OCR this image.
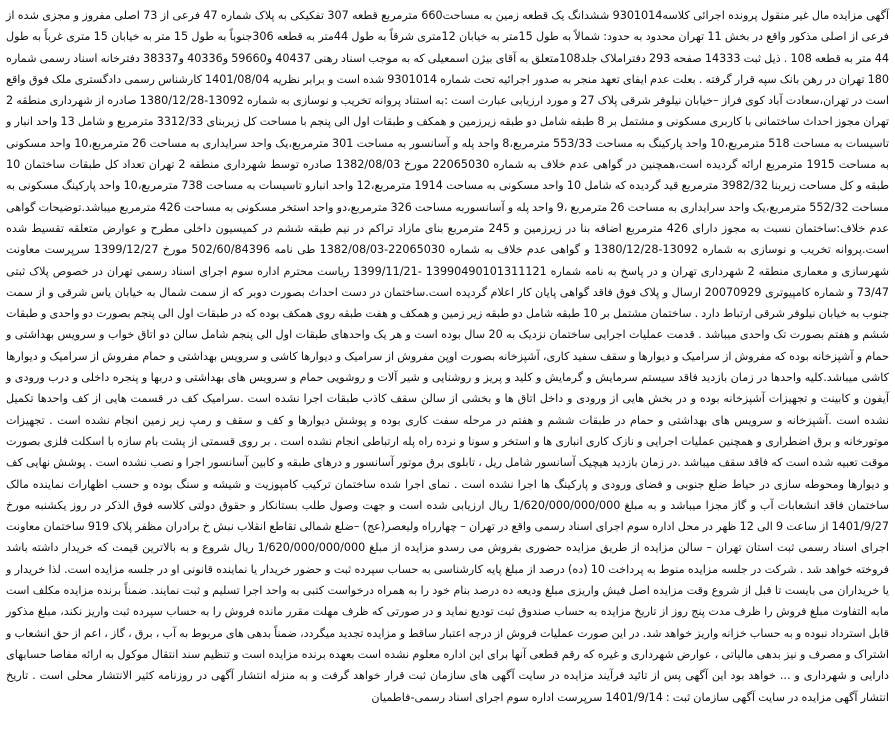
آگهی مزایده مال غیر منقول پرونده اجرائی کلاسه9301014 ششدانگ یک قطعه زمین به مساحت660 مترمربع قطعه 307 تفکیکی به پلاک شماره 47 فرعی از 73 اصلی مفروز و مجزی شده از فرعی از اصلی مذکور واقع در بخش 11 تهران محدود به حدود: شمالاً به طول 15متر به خیابان 12متری شرقاً به طول 44متر به قطعه 306جنوباً به طول 15 متر به خیابان 15 متری غرباً به طول 44 متر به قطعه 108 . ذیل ثبت 14333 صفحه 293 دفتراملاک جلد108متعلق به آقای بیژن اسمعیلی که به موجب اسناد رهنی 40437 و59660 و40336 و38337 دفترخانه اسناد رسمی شماره 180 تهران در رهن بانک سپه قرار گرفته . بعلت عدم ایفای تعهد منجر به صدور اجرائیه تحت شماره 9301014 شده است و برابر نظریه 1401/08/04 کارشناس رسمی دادگستری ملک فوق واقع است در تهران،سعادت آباد کوی فراز –خیابان نیلوفر شرقی پلاک 27 و مورد ارزیابی عبارت است :به استناد پروانه تخریب و نوسازی به شماره 13092-1380/12/28 صادره از شهرداری منطقه 2 تهران مجوز احداث ساختمانی با کاربری مسکونی و مشتمل بر 8 طبقه شامل دو طبقه زیرزمین و همکف و طبقات اول الی پنجم با مساحت کل زیربنای 3312/33 مترمربع و شامل 13 واحد انبار و تاسیسات به مساحت 518 مترمربع،10 واحد پارکینگ به مساحت 553/33 مترمربع،8 واحد پله و آسانسور به مساحت 301 مترمربع،یک واحد سرایداری به مساحت 26 مترمربع،10 واحد مسکونی به مساحت 1915 مترمربع ارائه گردیده است،همچنین در گواهی عدم خلاف به شماره 22065030 مورخ 1382/08/03 صادره توسط شهرداری منطقه 2 تهران تعداد کل طبقات ساختمان 10 طبقه و کل مساحت زیربنا 3982/32 مترمربع قید گردیده که شامل 10 واحد مسکونی به مساحت 1914 مترمربع،12 واحد انبارو تاسیسات به مساحت 738 مترمربع،10 واحد پارکینگ مسکونی به مساحت 552/32 مترمربع،یک واحد سرایداری به مساحت 26 مترمربع ،9 واحد پله و آسانسوربه مساحت 326 مترمربع،دو واحد استخر مسکونی به مساحت 426 مترمربع میباشد.توضیحات گواهی عدم خلاف:ساختمان نسبت به مجوز دارای 426 مترمربع اضافه بنا در زیرزمین و 245 مترمربع بنای مازاد تراکم در نیم طبقه ششم در کمیسیون داخلی مطرح و عوارض متعلقه تقسیط شده است.پروانه تخریب و نوسازی به شماره 13092-1380/12/28 و گواهی عدم خلاف به شماره 22065030-1382/08/03 طی نامه 502/60/84396 مورخ 1399/12/27 سرپرست معاونت شهرسازی و معماری منطقه 2 شهرداری تهران و در پاسخ به نامه شماره 13990490101311121 -1399/11/21 ریاست محترم اداره سوم اجرای اسناد رسمی تهران در خصوص پلاک ثبتی 73/47 و شماره کامپیوتری 20070929 ارسال و پلاک فوق فاقد گواهی پایان کار اعلام گردیده است.ساختمان در دست احداث بصورت دوبر که از سمت شمال به خیابان یاس شرقی و از سمت جنوب به خیابان نیلوفر شرقی ارتباط دارد . ساختمان مشتمل بر 10 طبقه شامل دو طبقه زیر زمین و همکف و هفت طبقه روی همکف بوده که در طبقات اول الی پنجم بصورت دو واحدی و طبقات ششم و هفتم بصورت تک واحدی میباشد . قدمت عملیات اجرایی ساختمان نزدیک به 20 سال بوده است و هر یک واحدهای طبقات اول الی پنجم شامل سالن دو اتاق خواب و سرویس بهداشتی و حمام و آشپزخانه بوده که مفروش از سرامیک و دیوارها و سقف سفید کاری، آشپزخانه بصورت اوپن مفروش از سرامیک و دیوارها کاشی و سرویس بهداشتی و حمام مفروش از سرامیک و دیوارها کاشی میباشد.کلیه واحدها در زمان بازدید فاقد سیستم سرمایش و گرمایش و کلید و پریز و روشنایی و شیر آلات و روشویی حمام و سرویس های بهداشتی و دربها و پنجره داخلی و درب ورودی و آیفون و کابینت و تجهیزات آشپزخانه بوده و در بخش هایی از ورودی و داخل اتاق ها و بخشی از سالن سقف کاذب طبقات اجرا نشده است .سرامیک کف در قسمت هایی از کف واحدها تکمیل نشده است .آشپزخانه و سرویس های بهداشتی و حمام در طبقات ششم و هفتم در مرحله سفت کاری بوده و پوشش دیوارها و کف و سقف و رمپ زیر زمین انجام نشده است . تجهیزات موتورخانه و برق اضطراری و همچنین عملیات اجرایی و نازک کاری انباری ها و استخر و سونا و نرده راه پله ارتباطی انجام نشده است . بر روی قسمتی از پشت بام سازه با اسکلت فلزی بصورت موقت تعبیه شده است که فاقد سقف میباشد .در زمان بازدید هیچیک آسانسور شامل ریل ، تابلوی برق موتور آسانسور و درهای طبقه و کابین آسانسور اجرا و نصب نشده است . پوشش نهایی کف و دیوارها ومحوطه سازی در حیاط ضلع جنوبی و فضای ورودی و پارکینگ ها اجرا نشده است . نمای اجرا شده ساختمان ترکیب کامپوزیت و شیشه و سنگ بوده و حسب اظهارات نماینده مالک ساختمان فاقد انشعابات آب و گاز مجزا میباشد و به مبلغ 1/620/000/000/000 ریال ارزیابی شده است و جهت وصول طلب بستانکار و حقوق دولتی کلاسه فوق الذکر در روز یکشنبه مورخ 1401/9/27 از ساعت 9 الی 12 ظهر در محل اداره سوم اجرای اسناد رسمی واقع در تهران – چهارراه ولیعصر(عج) –ضلع شمالی تقاطع انقلاب نبش خ برادران مظفر پلاک 919 ساختمان معاونت اجرای اسناد رسمی ثبت استان تهران – سالن مزایده از طریق مزایده حضوری بفروش می رسدو مزایده از مبلغ 1/620/000/000/000 ریال شروع و به بالاترین قیمت که خریدار داشته باشد فروخته خواهد شد . شرکت در جلسه مزایده منوط به پرداخت 10 (ده) درصد از مبلغ پایه کارشناسی به حساب سپرده ثبت و حضور خریدار یا نماینده قانونی او در جلسه مزایده است. لذا خریدار و یا خریداران می بایست تا قبل از شروع وقت مزایده اصل فیش واریزی مبلغ ودیعه ده درصد بنام خود را به همراه درخواست کتبی به واحد اجرا تسلیم و ثبت نمایند. ضمناً برنده مزایده مکلف است مابه التفاوت مبلغ فروش را ظرف مدت پنج روز از تاریخ مزایده به حساب صندوق ثبت تودیع نماید و در صورتی که ظرف مهلت مقرر مانده فروش را به حساب سپرده ثبت واریز نکند، مبلغ مذکور قابل استرداد نبوده و به حساب خزانه واریز خواهد شد. در این صورت عملیات فروش از درجه اعتبار ساقط و مزایده تجدید میگردد، ضمناً بدهی های مربوط به آب ، برق ، گاز ، اعم از حق انشعاب و اشتراک و مصرف و نیز بدهی مالیاتی ، عوارض شهرداری و غیره که رقم قطعی آنها برای این اداره معلوم نشده است بعهده برنده مزایده است و تنظیم سند انتقال موکول به ارائه مفاصا حسابهای دارایی و شهرداری و ... خواهد بود این آگهی پس از تائید فرآیند مزایده در سایت آگهی های سازمان ثبت قرار خواهد گرفت و به منزله انتشار آگهی در روزنامه کثیر الانتشار محلی است . تاریخ انتشار آگهی مزایده در سایت آگهی سازمان ثبت : 1401/9/14 سرپرست اداره سوم اجرای اسناد رسمی-فاطمیان
